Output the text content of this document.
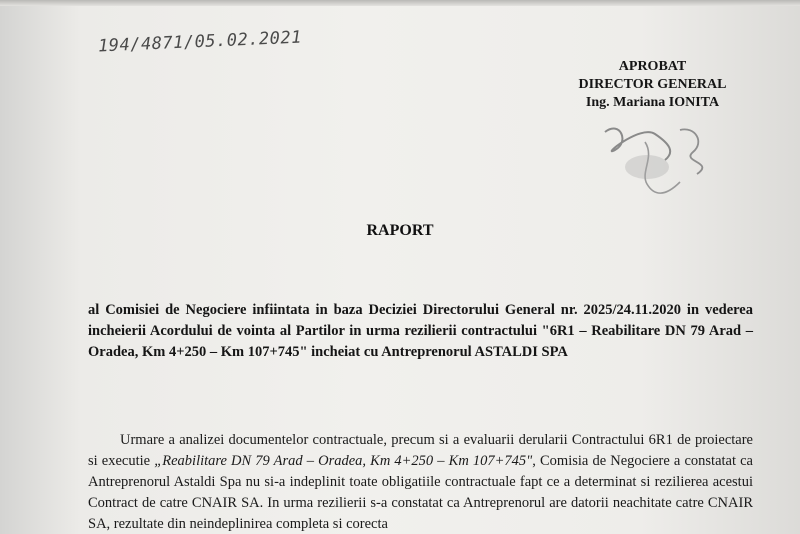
194/4871/05.02.2021
APROBAT
DIRECTOR GENERAL
Ing. Mariana IONITA
RAPORT
al Comisiei de Negociere infiintata in baza Deciziei Directorului General nr. 2025/24.11.2020 in vederea incheierii Acordului de vointa al Partilor in urma rezilierii contractului "6R1 – Reabilitare DN 79 Arad – Oradea, Km 4+250 – Km 107+745" incheiat cu Antreprenorul ASTALDI SPA

Urmare a analizei documentelor contractuale, precum si a evaluarii derularii Contractului 6R1 de proiectare si executie „Reabilitare DN 79 Arad – Oradea, Km 4+250 – Km 107+745", Comisia de Negociere a constatat ca Antreprenorul Astaldi Spa nu si-a indeplinit toate obligatiile contractuale fapt ce a determinat si rezilierea acestui Contract de catre CNAIR SA. In urma rezilierii s-a constatat ca Antreprenorul are datorii neachitate catre CNAIR SA, rezultate din neindeplinirea completa si corecta
